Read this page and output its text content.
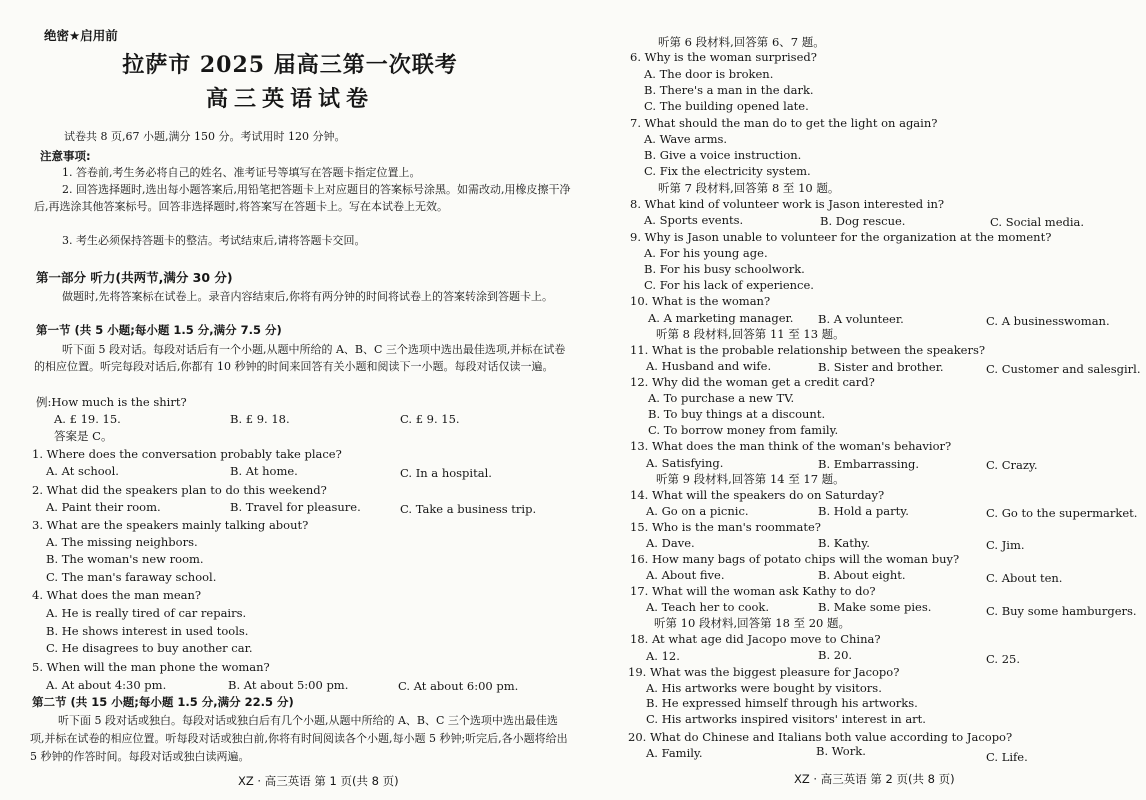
绝密★启用前
拉萨市 2025 届高三第一次联考
高三英语试卷
试卷共 8 页,67 小题,满分 150 分。考试用时 120 分钟。
注意事项:
1. 答卷前,考生务必将自己的姓名、准考证号等填写在答题卡指定位置上。
2. 回答选择题时,选出每小题答案后,用铅笔把答题卡上对应题目的答案标号涂黑。如需改动,用橡皮擦干净后,再选涂其他答案标号。回答非选择题时,将答案写在答题卡上。写在本试卷上无效。
3. 考生必须保持答题卡的整洁。考试结束后,请将答题卡交回。
第一部分 听力(共两节,满分 30 分)
做题时,先将答案标在试卷上。录音内容结束后,你将有两分钟的时间将试卷上的答案转涂到答题卡上。
第一节 (共 5 小题;每小题 1.5 分,满分 7.5 分)
听下面 5 段对话。每段对话后有一个小题,从题中所给的 A、B、C 三个选项中选出最佳选项,并标在试卷的相应位置。听完每段对话后,你都有 10 秒钟的时间来回答有关小题和阅读下一小题。每段对话仅读一遍。
例:How much is the shirt?
A. £ 19. 15.	B. £ 9. 18.	C. £ 9. 15.
答案是 C。
1. Where does the conversation probably take place?
A. At school.	B. At home.	C. In a hospital.
2. What did the speakers plan to do this weekend?
A. Paint their room.	B. Travel for pleasure.	C. Take a business trip.
3. What are the speakers mainly talking about?
A. The missing neighbors.
B. The woman's new room.
C. The man's faraway school.
4. What does the man mean?
A. He is really tired of car repairs.
B. He shows interest in used tools.
C. He disagrees to buy another car.
5. When will the man phone the woman?
A. At about 4:30 pm.	B. At about 5:00 pm.	C. At about 6:00 pm.
第二节 (共 15 小题;每小题 1.5 分,满分 22.5 分)
听下面 5 段对话或独白。每段对话或独白后有几个小题,从题中所给的 A、B、C 三个选项中选出最佳选项,并标在试卷的相应位置。听每段对话或独白前,你将有时间阅读各个小题,每小题 5 秒钟;听完后,各小题将给出 5 秒钟的作答时间。每段对话或独白读两遍。
XZ · 高三英语 第 1 页(共 8 页)
听第 6 段材料,回答第 6、7 题。
6. Why is the woman surprised?
A. The door is broken.
B. There's a man in the dark.
C. The building opened late.
7. What should the man do to get the light on again?
A. Wave arms.
B. Give a voice instruction.
C. Fix the electricity system.
听第 7 段材料,回答第 8 至 10 题。
8. What kind of volunteer work is Jason interested in?
A. Sports events.	B. Dog rescue.	C. Social media.
9. Why is Jason unable to volunteer for the organization at the moment?
A. For his young age.
B. For his busy schoolwork.
C. For his lack of experience.
10. What is the woman?
A. A marketing manager. B. A volunteer.	C. A businesswoman.
听第 8 段材料,回答第 11 至 13 题。
11. What is the probable relationship between the speakers?
A. Husband and wife.	B. Sister and brother.	C. Customer and salesgirl.
12. Why did the woman get a credit card?
A. To purchase a new TV.
B. To buy things at a discount.
C. To borrow money from family.
13. What does the man think of the woman's behavior?
A. Satisfying.	B. Embarrassing.	C. Crazy.
听第 9 段材料,回答第 14 至 17 题。
14. What will the speakers do on Saturday?
A. Go on a picnic.	B. Hold a party.	C. Go to the supermarket.
15. Who is the man's roommate?
A. Dave.	B. Kathy.	C. Jim.
16. How many bags of potato chips will the woman buy?
A. About five.	B. About eight.	C. About ten.
17. What will the woman ask Kathy to do?
A. Teach her to cook.	B. Make some pies.	C. Buy some hamburgers.
听第 10 段材料,回答第 18 至 20 题。
18. At what age did Jacopo move to China?
A. 12.	B. 20.	C. 25.
19. What was the biggest pleasure for Jacopo?
A. His artworks were bought by visitors.
B. He expressed himself through his artworks.
C. His artworks inspired visitors' interest in art.
20. What do Chinese and Italians both value according to Jacopo?
A. Family.	B. Work.	C. Life.
XZ · 高三英语 第 2 页(共 8 页)
